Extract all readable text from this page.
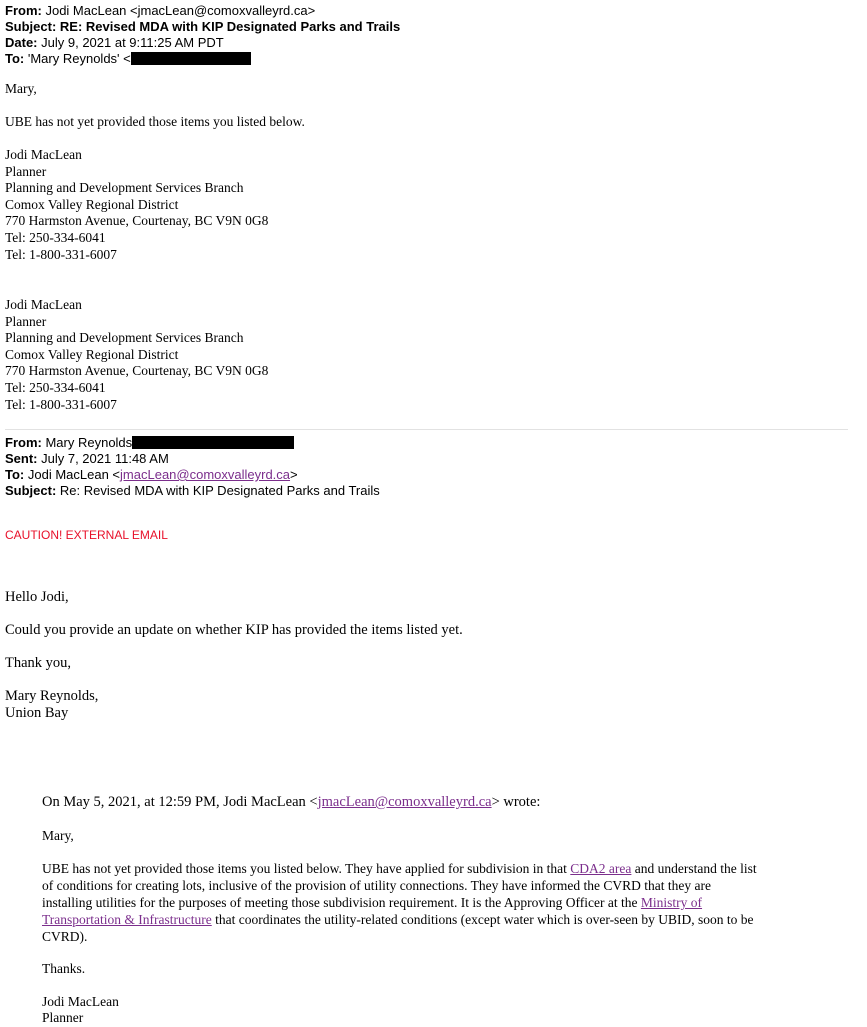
From: Jodi MacLean <jmacLean@comoxvalleyrd.ca>
Subject: RE: Revised MDA with KIP Designated Parks and Trails
Date: July 9, 2021 at 9:11:25 AM PDT
To: 'Mary Reynolds' <
Mary,
UBE has not yet provided those items you listed below.
Jodi MacLean
Planner
Planning and Development Services Branch
Comox Valley Regional District
770 Harmston Avenue, Courtenay, BC V9N 0G8
Tel: 250-334-6041
Tel: 1-800-331-6007
Jodi MacLean
Planner
Planning and Development Services Branch
Comox Valley Regional District
770 Harmston Avenue, Courtenay, BC V9N 0G8
Tel: 250-334-6041
Tel: 1-800-331-6007
From: Mary Reynolds
Sent: July 7, 2021 11:48 AM
To: Jodi MacLean <jmacLean@comoxvalleyrd.ca>
Subject: Re: Revised MDA with KIP Designated Parks and Trails
CAUTION! EXTERNAL EMAIL
Hello Jodi,
Could you provide an update on whether KIP has provided the items listed yet.
Thank you,
Mary Reynolds,
Union Bay
On May 5, 2021, at 12:59 PM, Jodi MacLean <jmacLean@comoxvalleyrd.ca> wrote:
Mary,
UBE has not yet provided those items you listed below. They have applied for subdivision in that CDA2 area and understand the list
of conditions for creating lots, inclusive of the provision of utility connections. They have informed the CVRD that they are
installing utilities for the purposes of meeting those subdivision requirement. It is the Approving Officer at the Ministry of
Transportation & Infrastructure that coordinates the utility-related conditions (except water which is over-seen by UBID, soon to be
CVRD).
Thanks.
Jodi MacLean
Planner
